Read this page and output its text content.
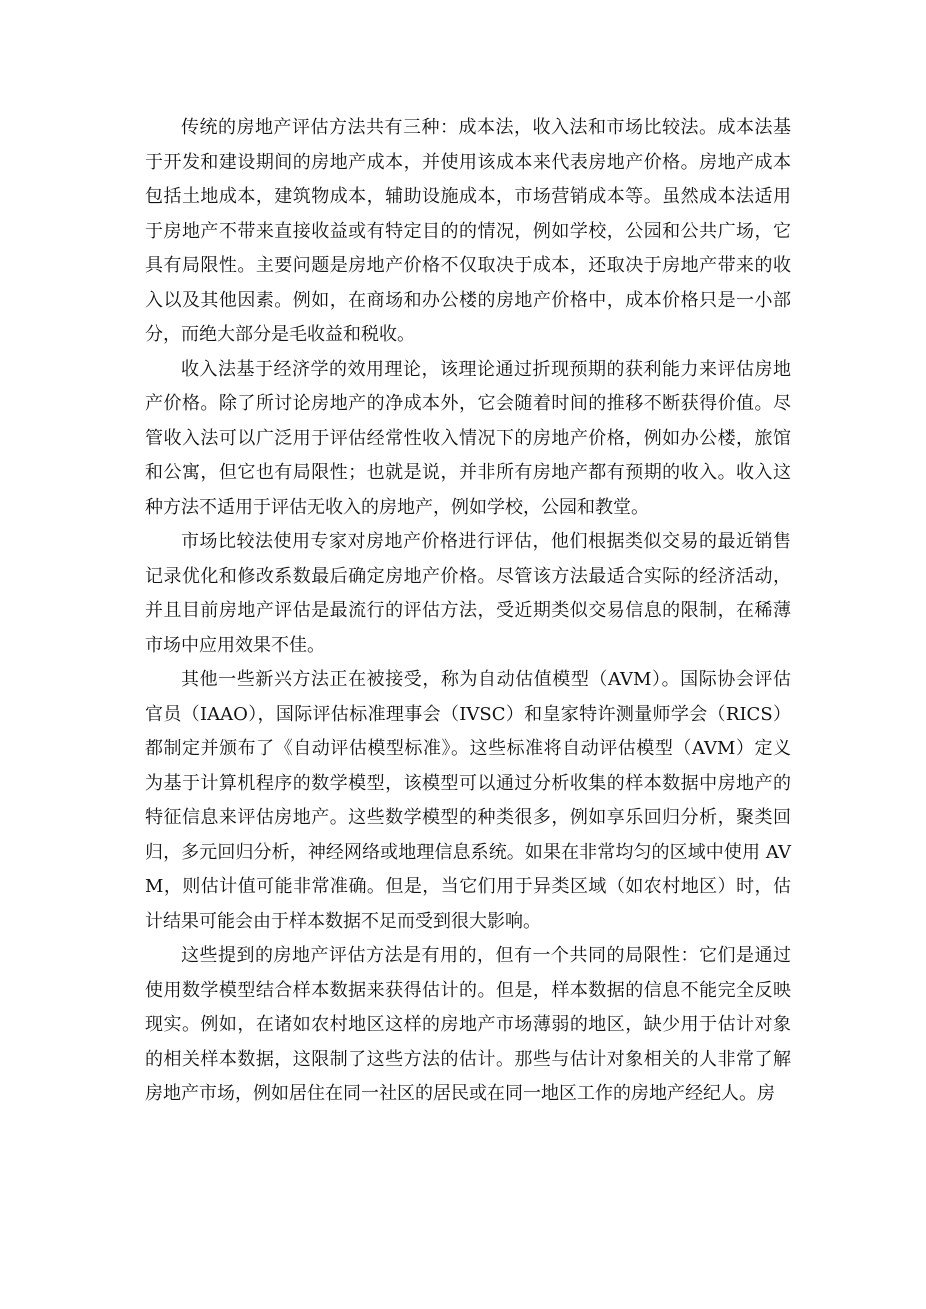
传统的房地产评估方法共有三种：成本法，收入法和市场比较法。成本法基于开发和建设期间的房地产成本，并使用该成本来代表房地产价格。房地产成本包括土地成本，建筑物成本，辅助设施成本，市场营销成本等。虽然成本法适用于房地产不带来直接收益或有特定目的的情况，例如学校，公园和公共广场，它具有局限性。主要问题是房地产价格不仅取决于成本，还取决于房地产带来的收入以及其他因素。例如，在商场和办公楼的房地产价格中，成本价格只是一小部分，而绝大部分是毛收益和税收。

收入法基于经济学的效用理论，该理论通过折现预期的获利能力来评估房地产价格。除了所讨论房地产的净成本外，它会随着时间的推移不断获得价值。尽管收入法可以广泛用于评估经常性收入情况下的房地产价格，例如办公楼，旅馆和公寓，但它也有局限性；也就是说，并非所有房地产都有预期的收入。收入这种方法不适用于评估无收入的房地产，例如学校，公园和教堂。

市场比较法使用专家对房地产价格进行评估，他们根据类似交易的最近销售记录优化和修改系数最后确定房地产价格。尽管该方法最适合实际的经济活动，并且目前房地产评估是最流行的评估方法，受近期类似交易信息的限制，在稀薄市场中应用效果不佳。

其他一些新兴方法正在被接受，称为自动估值模型（AVM）。国际协会评估官员（IAAO），国际评估标准理事会（IVSC）和皇家特许测量师学会（RICS）都制定并颁布了《自动评估模型标准》。这些标准将自动评估模型（AVM）定义为基于计算机程序的数学模型，该模型可以通过分析收集的样本数据中房地产的特征信息来评估房地产。这些数学模型的种类很多，例如享乐回归分析，聚类回归，多元回归分析，神经网络或地理信息系统。如果在非常均匀的区域中使用 AVM，则估计值可能非常准确。但是，当它们用于异类区域（如农村地区）时，估计结果可能会由于样本数据不足而受到很大影响。

这些提到的房地产评估方法是有用的，但有一个共同的局限性：它们是通过使用数学模型结合样本数据来获得估计的。但是，样本数据的信息不能完全反映现实。例如，在诸如农村地区这样的房地产市场薄弱的地区，缺少用于估计对象的相关样本数据，这限制了这些方法的估计。那些与估计对象相关的人非常了解房地产市场，例如居住在同一社区的居民或在同一地区工作的房地产经纪人。房
